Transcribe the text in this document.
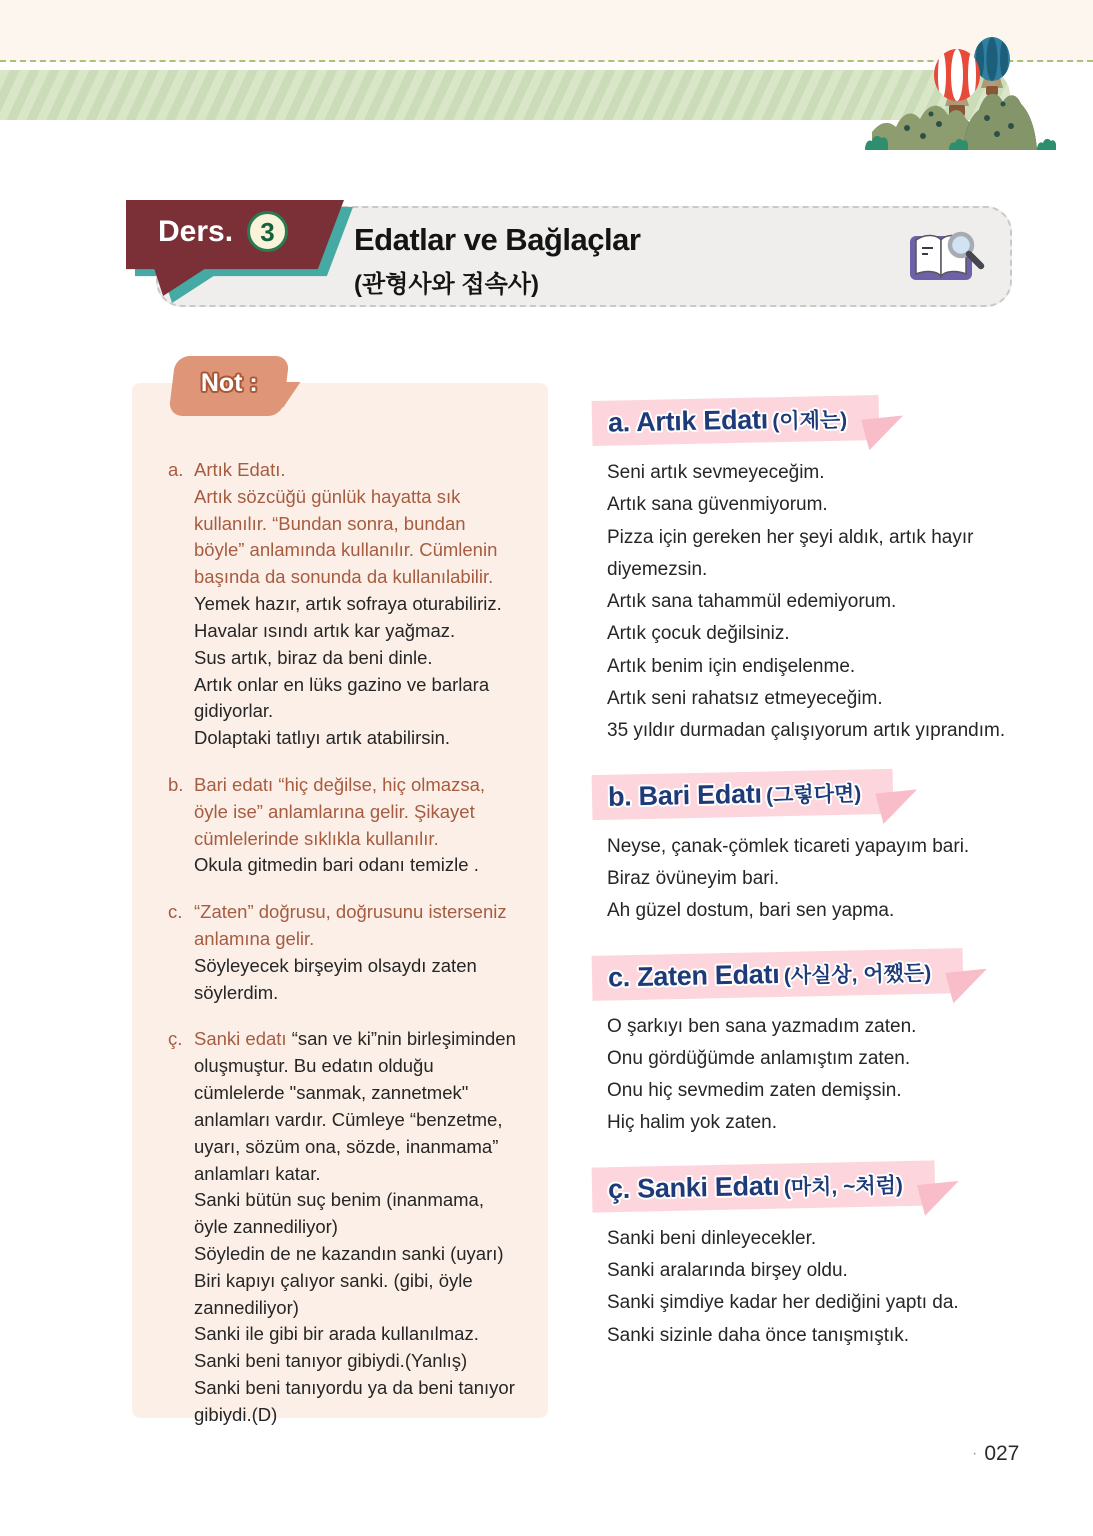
Edatlar ve Bağlaçlar
(관형사와 접속사)
Ders.	3
Not :
a. Artık Edatı.
Artık sözcüğü günlük hayatta sık kullanılır. “Bundan sonra, bundan böyle” anlamında kullanılır. Cümlenin başında da sonunda da kullanılabilir.
Yemek hazır, artık sofraya oturabiliriz.
Havalar ısındı artık kar yağmaz.
Sus artık, biraz da beni dinle.
Artık onlar en lüks gazino ve barlara gidiyorlar.
Dolaptaki tatlıyı artık atabilirsin.
b. Bari edatı “hiç değilse, hiç olmazsa, öyle ise” anlamlarına gelir. Şikayet cümlelerinde sıklıkla kullanılır.
Okula gitmedin bari odanı temizle .
c. “Zaten” doğrusu, doğrusunu isterseniz anlamına gelir.
Söyleyecek birşeyim olsaydı zaten söylerdim.
ç. Sanki edatı “san ve ki”nin birleşiminden oluşmuştur. Bu edatın olduğu cümlelerde "sanmak, zannetmek" anlamları vardır. Cümleye “benzetme, uyarı, sözüm ona, sözde, inanmama” anlamları katar.
Sanki bütün suç benim (inanmama, öyle zannediliyor)
Söyledin de ne kazandın sanki (uyarı)
Biri kapıyı çalıyor sanki. (gibi, öyle zannediliyor)
Sanki ile gibi bir arada kullanılmaz.
Sanki beni tanıyor gibiydi.(Yanlış)
Sanki beni tanıyordu ya da beni tanıyor gibiydi.(D)
a. Artık Edatı (이제는)
Seni artık sevmeyeceğim.
Artık sana güvenmiyorum.
Pizza için gereken her şeyi aldık, artık hayır diyemezsin.
Artık sana tahammül edemiyorum.
Artık çocuk değilsiniz.
Artık benim için endişelenme.
Artık seni rahatsız etmeyeceğim.
35 yıldır durmadan çalışıyorum artık yıprandım.
b. Bari Edatı (그렇다면)
Neyse, çanak-çömlek ticareti yapayım bari.
Biraz övüneyim bari.
Ah güzel dostum, bari sen yapma.
c. Zaten Edatı (사실상, 어쨌든)
O şarkıyı ben sana yazmadım zaten.
Onu gördüğümde anlamıştım zaten.
Onu hiç sevmedim zaten demişsin.
Hiç halim yok zaten.
ç. Sanki Edatı (마치, ~처럼)
Sanki beni dinleyecekler.
Sanki aralarında birşey oldu.
Sanki şimdiye kadar her dediğini yaptı da.
Sanki sizinle daha önce tanışmıştık.
· 027
